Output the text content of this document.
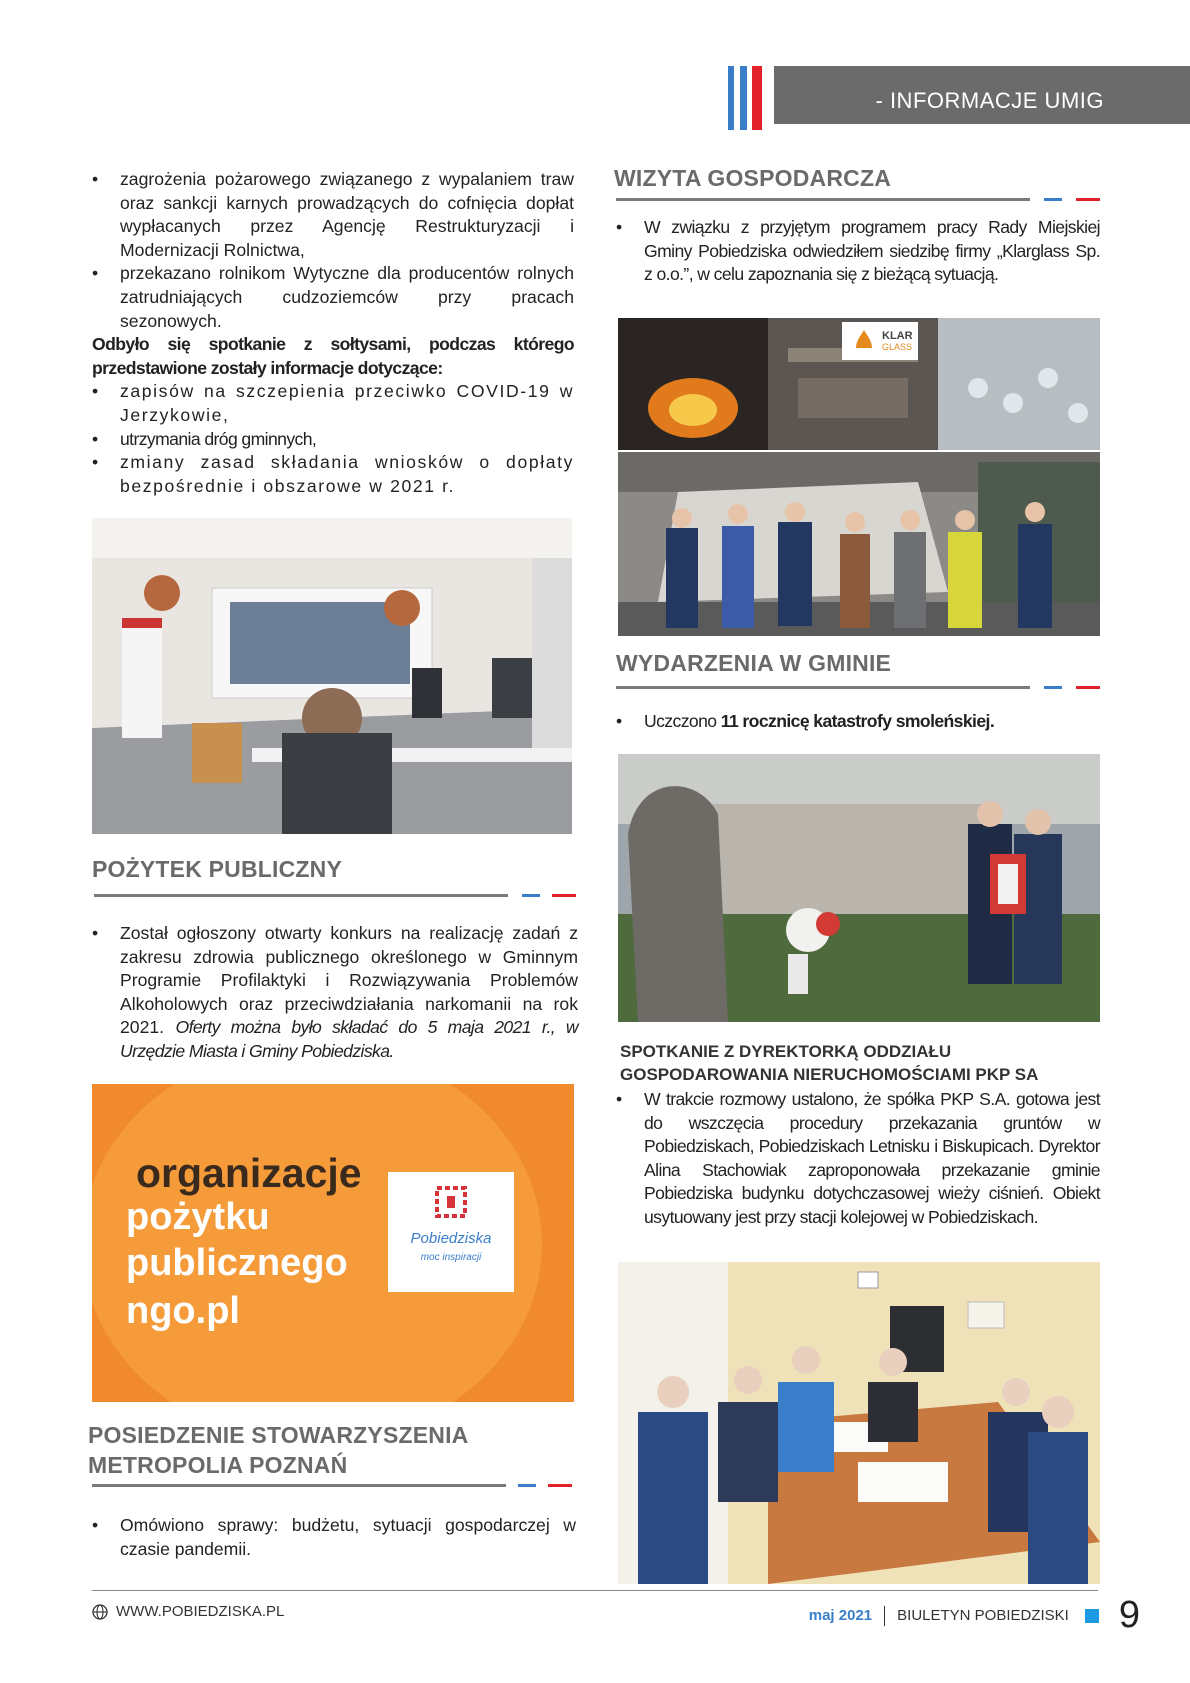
- INFORMACJE UMIG
• zagrożenia pożarowego związanego z wypalaniem traw oraz sankcji karnych prowadzących do cofnięcia dopłat wypłacanych przez Agencję Restrukturyzacji i Modernizacji Rolnictwa,
• przekazano rolnikom Wytyczne dla producentów rolnych zatrudniających cudzoziemców przy pracach sezonowych.

Odbyło się spotkanie z sołtysami, podczas którego przedstawione zostały informacje dotyczące:

• zapisów na szczepienia przeciwko COVID-19 w Jerzykowie,
• utrzymania dróg gminnych,
• zmiany zasad składania wniosków o dopłaty bezpośrednie i obszarowe w 2021 r.
POŻYTEK PUBLICZNY
• Został ogłoszony otwarty konkurs na realizację zadań z zakresu zdrowia publicznego określonego w Gminnym Programie Profilaktyki i Rozwiązywania Problemów Alkoholowych oraz przeciwdziałania narkomanii na rok 2021. Oferty można było składać do 5 maja 2021 r., w Urzędzie Miasta i Gminy Pobiedziska.
organizacje
pożytku
publicznego
ngo.pl
Pobiedziska
moc inspiracji
POSIEDZENIE STOWARZYSZENIA
METROPOLIA POZNAŃ
• Omówiono sprawy: budżetu, sytuacji gospodarczej w czasie pandemii.
WIZYTA GOSPODARCZA
• W związku z przyjętym programem pracy Rady Miejskiej Gminy Pobiedziska odwiedziłem siedzibę firmy „Klarglass Sp. z o.o.”, w celu zapoznania się z bieżącą sytuacją.
KLAR
GLASS
WYDARZENIA W GMINIE
• Uczczono 11 rocznicę katastrofy smoleńskiej.
SPOTKANIE Z DYREKTORKĄ ODDZIAŁU
GOSPODAROWANIA NIERUCHOMOŚCIAMI PKP SA
• W trakcie rozmowy ustalono, że spółka PKP S.A. gotowa jest do wszczęcia procedury przekazania gruntów w Pobiedziskach, Pobiedziskach Letnisku i Biskupicach. Dyrektor Alina Stachowiak zaproponowała przekazanie gminie Pobiedziska budynku dotychczasowej wieży ciśnień. Obiekt usytuowany jest przy stacji kolejowej w Pobiedziskach.
WWW.POBIEDZISKA.PL	maj 2021 BIULETYN POBIEDZISKI 9
